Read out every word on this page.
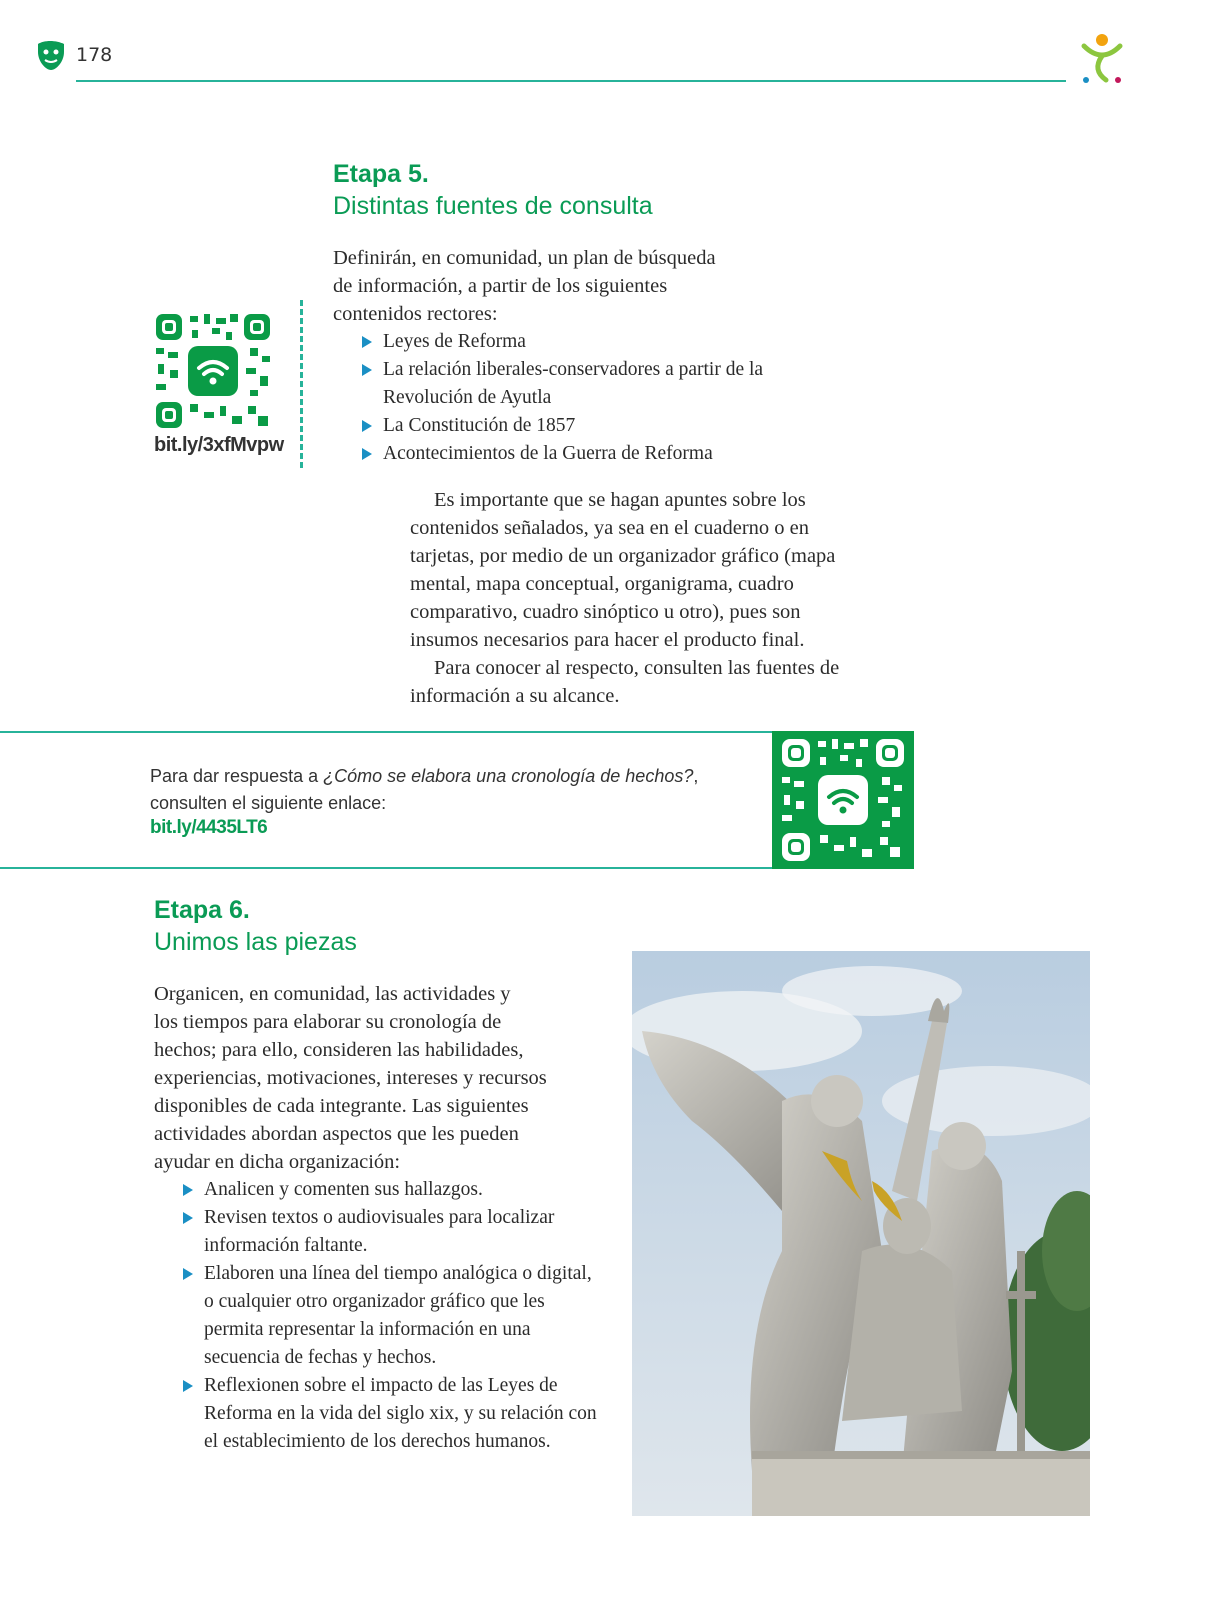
178
Etapa 5.
Distintas fuentes de consulta
Definirán, en comunidad, un plan de búsqueda
de información, a partir de los siguientes
contenidos rectores:
Leyes de Reforma
La relación liberales-conservadores a partir de la Revolución de Ayutla
La Constitución de 1857
Acontecimientos de la Guerra de Reforma
bit.ly/3xfMvpw
Es importante que se hagan apuntes sobre los
contenidos señalados, ya sea en el cuaderno o en
tarjetas, por medio de un organizador gráfico (mapa
mental, mapa conceptual, organigrama, cuadro
comparativo, cuadro sinóptico u otro), pues son
insumos necesarios para hacer el producto final.
Para conocer al respecto, consulten las fuentes de
información a su alcance.
Para dar respuesta a ¿Cómo se elabora una cronología de hechos?,
consulten el siguiente enlace:
bit.ly/4435LT6
Etapa 6.
Unimos las piezas
Organicen, en comunidad, las actividades y
los tiempos para elaborar su cronología de
hechos; para ello, consideren las habilidades,
experiencias, motivaciones, intereses y recursos
disponibles de cada integrante. Las siguientes
actividades abordan aspectos que les pueden
ayudar en dicha organización:
Analicen y comenten sus hallazgos.
Revisen textos o audiovisuales para localizar información faltante.
Elaboren una línea del tiempo analógica o digital, o cualquier otro organizador gráfico que les permita representar la información en una secuencia de fechas y hechos.
Reflexionen sobre el impacto de las Leyes de Reforma en la vida del siglo xix, y su relación con el establecimiento de los derechos humanos.
